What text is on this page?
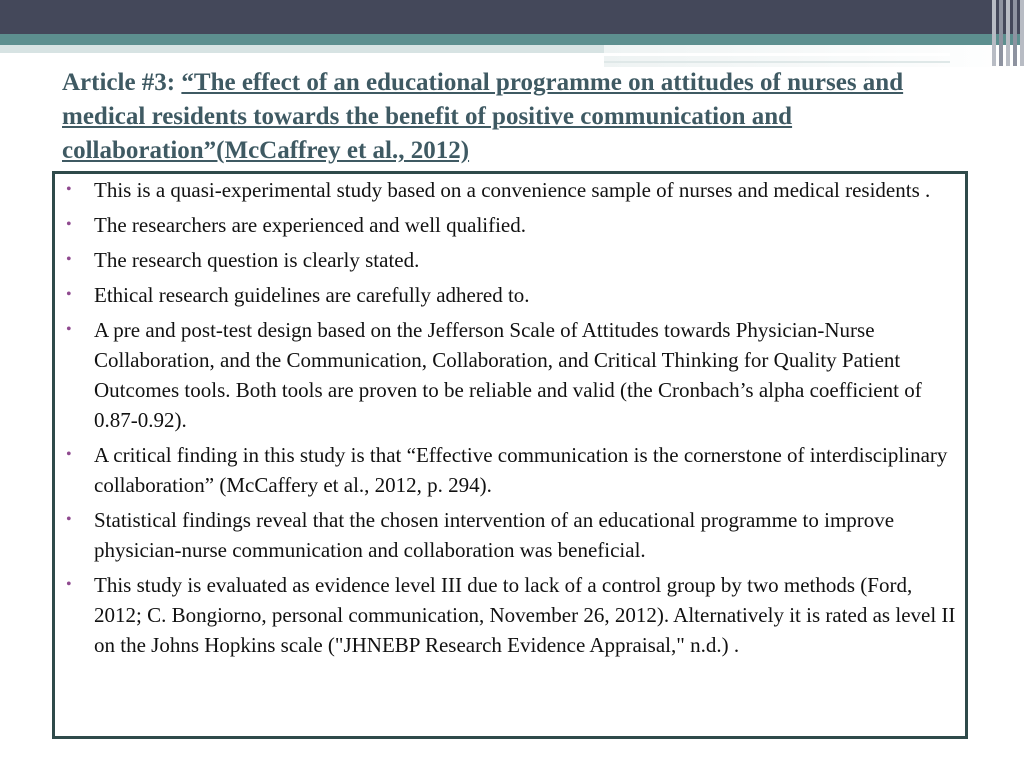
Article #3: “The effect of an educational programme on attitudes of nurses and medical residents towards the benefit of positive communication and collaboration”(McCaffrey et al., 2012)
•	This is a quasi-experimental study based on a convenience sample of nurses and medical residents .
•	The researchers are experienced and well qualified.
•	The research question is clearly stated.
•	Ethical research guidelines are carefully adhered to.
•	A pre and post-test design based on the Jefferson Scale of Attitudes towards Physician-Nurse Collaboration, and the Communication, Collaboration, and Critical Thinking for Quality Patient Outcomes tools. Both tools are proven to be reliable and valid (the Cronbach’s alpha coefficient of 0.87-0.92).
•	A critical finding in this study is that “Effective communication is the cornerstone of interdisciplinary collaboration” (McCaffery et al., 2012, p. 294).
•	Statistical findings reveal that the chosen intervention of an educational programme to improve physician-nurse communication and collaboration was beneficial.
•	This study is evaluated as evidence level III due to lack of a control group by two methods (Ford, 2012; C. Bongiorno, personal communication, November 26, 2012). Alternatively it is rated as level II on the Johns Hopkins scale ("JHNEBP Research Evidence Appraisal," n.d.) .
